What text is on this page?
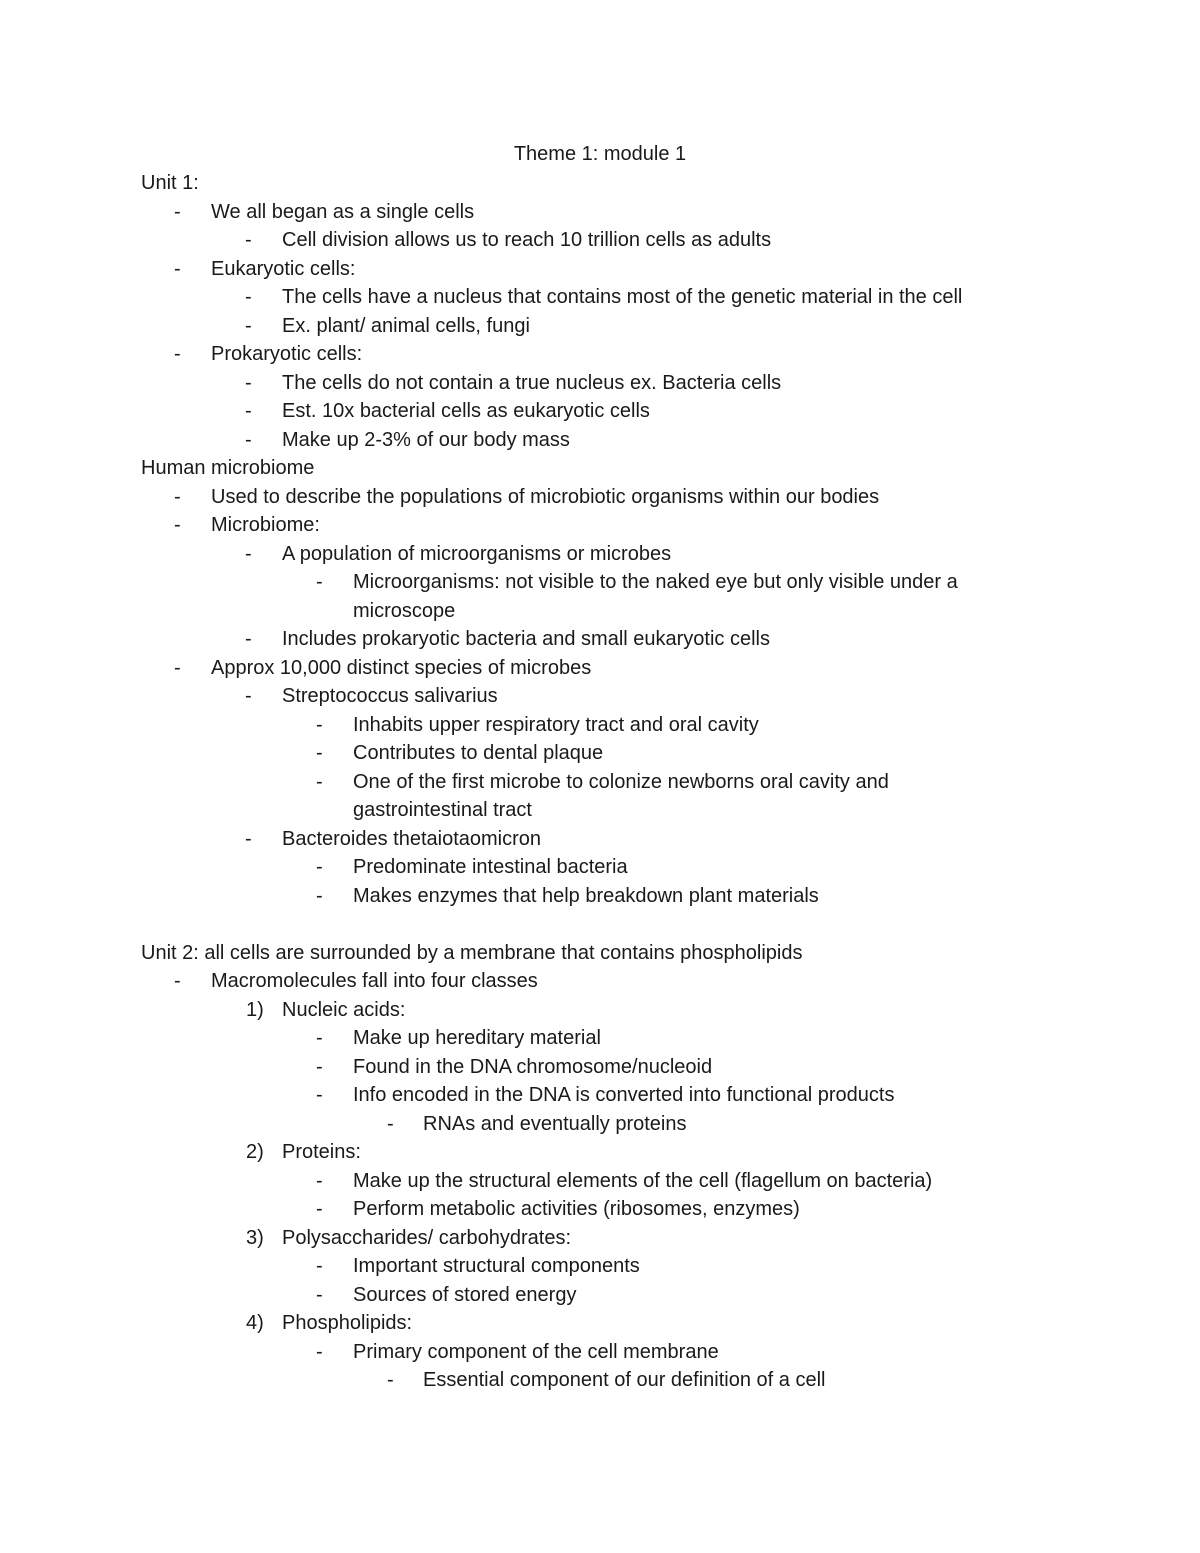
Theme 1: module 1
Unit 1:
- We all began as a single cells
- Cell division allows us to reach 10 trillion cells as adults
- Eukaryotic cells:
- The cells have a nucleus that contains most of the genetic material in the cell
- Ex. plant/ animal cells, fungi
- Prokaryotic cells:
- The cells do not contain a true nucleus ex. Bacteria cells
- Est. 10x bacterial cells as eukaryotic cells
- Make up 2-3% of our body mass
Human microbiome
- Used to describe the populations of microbiotic organisms within our bodies
- Microbiome:
- A population of microorganisms or microbes
- Microorganisms: not visible to the naked eye but only visible under a
microscope
- Includes prokaryotic bacteria and small eukaryotic cells
- Approx 10,000 distinct species of microbes
- Streptococcus salivarius
- Inhabits upper respiratory tract and oral cavity
- Contributes to dental plaque
- One of the first microbe to colonize newborns oral cavity and
gastrointestinal tract
- Bacteroides thetaiotaomicron
- Predominate intestinal bacteria
- Makes enzymes that help breakdown plant materials
Unit 2: all cells are surrounded by a membrane that contains phospholipids
- Macromolecules fall into four classes
1) Nucleic acids:
- Make up hereditary material
- Found in the DNA chromosome/nucleoid
- Info encoded in the DNA is converted into functional products
- RNAs and eventually proteins
2) Proteins:
- Make up the structural elements of the cell (flagellum on bacteria)
- Perform metabolic activities (ribosomes, enzymes)
3) Polysaccharides/ carbohydrates:
- Important structural components
- Sources of stored energy
4) Phospholipids:
- Primary component of the cell membrane
- Essential component of our definition of a cell
